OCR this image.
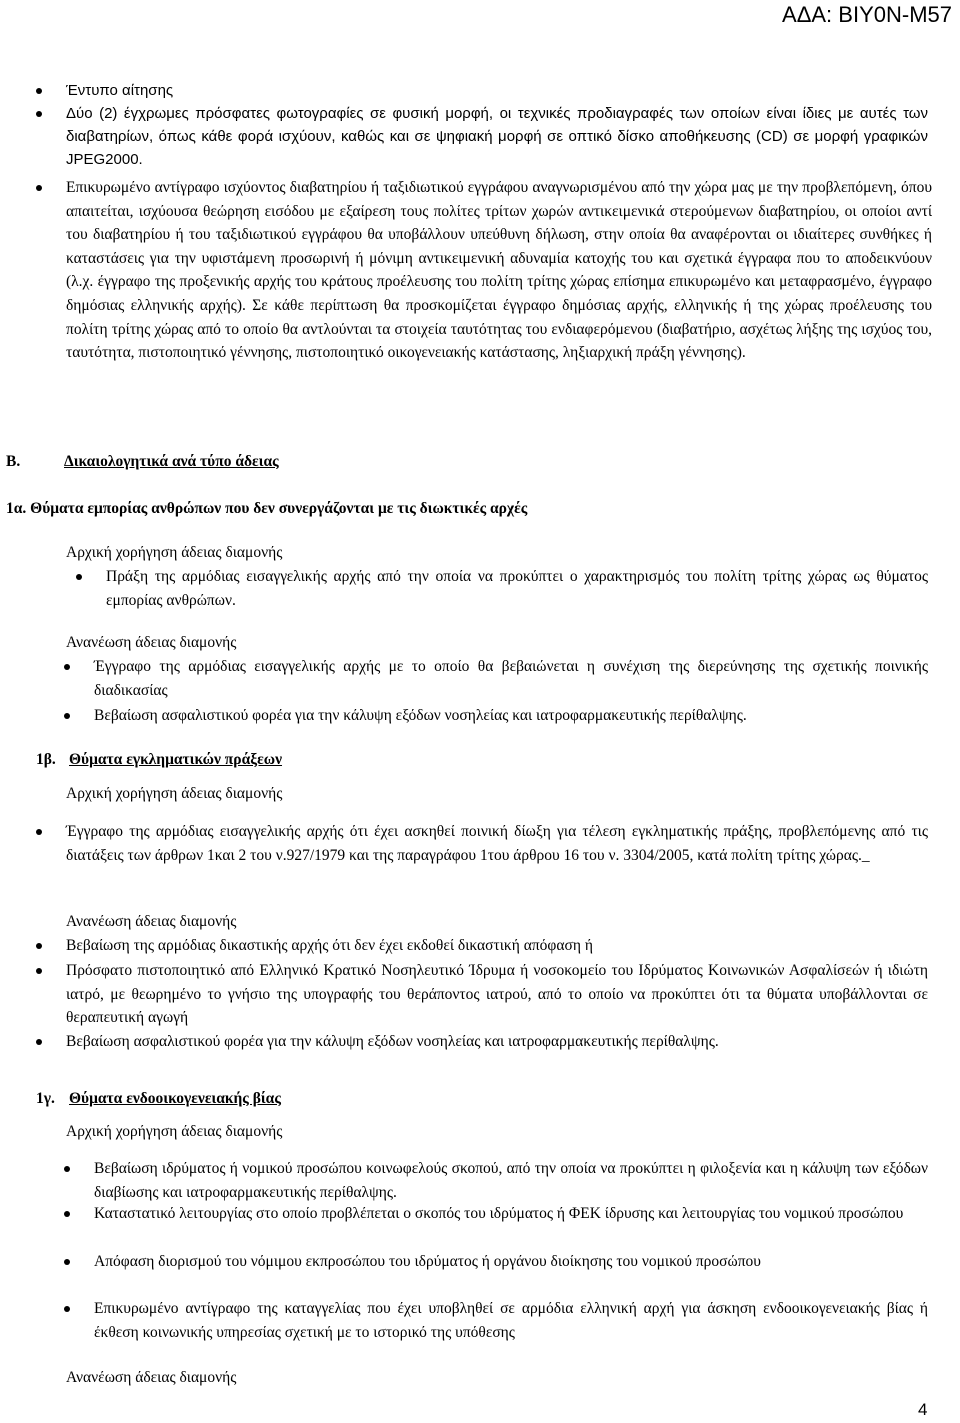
ΑΔΑ: ΒΙΥ0Ν-Μ57

Έντυπο αίτησης

Δύο (2) έγχρωμες πρόσφατες φωτογραφίες σε φυσική μορφή, οι τεχνικές προδιαγραφές των οποίων είναι ίδιες με αυτές των διαβατηρίων, όπως κάθε φορά ισχύουν, καθώς και σε ψηφιακή μορφή σε οπτικό δίσκο αποθήκευσης (CD) σε μορφή γραφικών JPEG2000.

Επικυρωμένο αντίγραφο ισχύοντος διαβατηρίου ή ταξιδιωτικού εγγράφου αναγνωρισμένου από την χώρα μας με την προβλεπόμενη, όπου απαιτείται, ισχύουσα θεώρηση εισόδου με εξαίρεση τους πολίτες τρίτων χωρών αντικειμενικά στερούμενων διαβατηρίου, οι οποίοι αντί του διαβατηρίου ή του ταξιδιωτικού εγγράφου θα υποβάλλουν υπεύθυνη δήλωση, στην οποία θα αναφέρονται οι ιδιαίτερες συνθήκες ή καταστάσεις για την υφιστάμενη προσωρινή ή μόνιμη αντικειμενική αδυναμία κατοχής του και σχετικά έγγραφα που το αποδεικνύουν (λ.χ. έγγραφο της προξενικής αρχής του κράτους προέλευσης του πολίτη τρίτης χώρας επίσημα επικυρωμένο και μεταφρασμένο, έγγραφο δημόσιας ελληνικής αρχής). Σε κάθε περίπτωση θα προσκομίζεται έγγραφο δημόσιας αρχής, ελληνικής ή της χώρας προέλευσης του πολίτη τρίτης χώρας από το οποίο θα αντλούνται τα στοιχεία ταυτότητας του ενδιαφερόμενου (διαβατήριο, ασχέτως λήξης της ισχύος του, ταυτότητα, πιστοποιητικό γέννησης, πιστοποιητικό οικογενειακής κατάστασης, ληξιαρχική πράξη γέννησης).

Β.	Δικαιολογητικά ανά τύπο άδειας
1α. Θύματα εμπορίας ανθρώπων που δεν συνεργάζονται με τις διωκτικές αρχές
Αρχική χορήγηση άδειας διαμονής

Πράξη της αρμόδιας εισαγγελικής αρχής από την οποία να προκύπτει ο χαρακτηρισμός του πολίτη τρίτης χώρας ως θύματος εμπορίας ανθρώπων.

Ανανέωση άδειας διαμονής

Έγγραφο της αρμόδιας εισαγγελικής αρχής με το οποίο θα βεβαιώνεται η συνέχιση της διερεύνησης της σχετικής ποινικής διαδικασίας

Βεβαίωση ασφαλιστικού φορέα για την κάλυψη εξόδων νοσηλείας και ιατροφαρμακευτικής περίθαλψης.

1β. Θύματα εγκληματικών πράξεων
Αρχική χορήγηση άδειας διαμονής

Έγγραφο της αρμόδιας εισαγγελικής αρχής ότι έχει ασκηθεί ποινική δίωξη για τέλεση εγκληματικής πράξης, προβλεπόμενης από τις διατάξεις των άρθρων 1και 2 του ν.927/1979 και της παραγράφου 1του άρθρου 16 του ν. 3304/2005, κατά πολίτη τρίτης χώρας._

Ανανέωση άδειας διαμονής

Βεβαίωση της αρμόδιας δικαστικής αρχής ότι δεν έχει εκδοθεί δικαστική απόφαση ή

Πρόσφατο πιστοποιητικό από Ελληνικό Κρατικό Νοσηλευτικό Ίδρυμα ή νοσοκομείο του Ιδρύματος Κοινωνικών Ασφαλίσεών ή ιδιώτη ιατρό, με θεωρημένο το γνήσιο της υπογραφής του θεράποντος ιατρού, από το οποίο να προκύπτει ότι τα θύματα υποβάλλονται σε θεραπευτική αγωγή

Βεβαίωση ασφαλιστικού φορέα για την κάλυψη εξόδων νοσηλείας και ιατροφαρμακευτικής περίθαλψης.

1γ. Θύματα ενδοοικογενειακής βίας
Αρχική χορήγηση άδειας διαμονής

Βεβαίωση ιδρύματος ή νομικού προσώπου κοινωφελούς σκοπού, από την οποία να προκύπτει η φιλοξενία και η κάλυψη των εξόδων διαβίωσης και ιατροφαρμακευτικής περίθαλψης.

Καταστατικό λειτουργίας στο οποίο προβλέπεται ο σκοπός του ιδρύματος ή ΦΕΚ ίδρυσης και λειτουργίας του νομικού προσώπου

Απόφαση διορισμού του νόμιμου εκπροσώπου του ιδρύματος ή οργάνου διοίκησης του νομικού προσώπου

Επικυρωμένο αντίγραφο της καταγγελίας που έχει υποβληθεί σε αρμόδια ελληνική αρχή για άσκηση ενδοοικογενειακής βίας ή έκθεση κοινωνικής υπηρεσίας σχετική με το ιστορικό της υπόθεσης

Ανανέωση άδειας διαμονής
4
